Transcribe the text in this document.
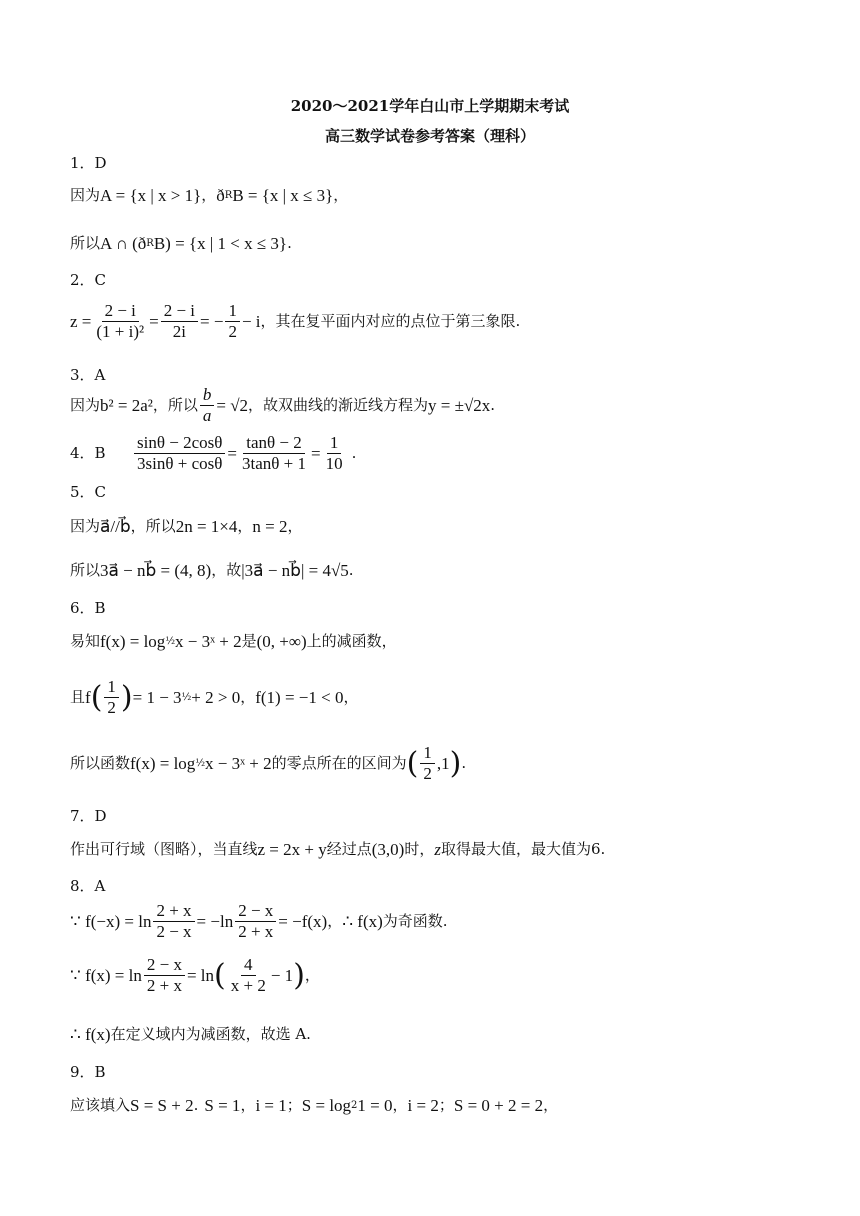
2020～2021学年白山市上学期期末考试
高三数学试卷参考答案（理科）
1．D
因为 A = {x | x > 1} ， ð R B = {x | x ≤ 3} ，
所以 A ∩ (ð R B) = {x | 1 < x ≤ 3} .
2．C
$z = \frac{2 - i}{\text{(1 + i)²}} = \frac{2 - i}{2i}$ = − $\frac{1}{2} - i$ ，其在复平面内对应的点位于第三象限.
3．A
因为 b² = 2a² ，所以 $\frac{b}{a} = √2$ ，故双曲线的渐近线方程为 y = ±√2x .
4．B	$\frac{\sin\theta - 2\cos\theta}{3\sin\theta + \cos\theta} = \frac{\tan\theta - 2}{3\tan\theta + 1} = \frac{1}{10}$ .
5．C
因为 a⃗//b⃗ ，所以 2n = 1×4 ， n = 2 ，
所以 3a⃗ − nb⃗ = (4, 8) ，故 |3a⃗ − nb⃗| = 4√5 .
6．B
易知 f(x) = log ½ x − 3ˣ + 2 是 (0, +∞) 上的减函数，
且 f ( $\frac{1}{2}$ ) = 1 − 3 ½ + 2 > 0 ， f(1) = −1 < 0 ，
所以函数 f(x) = log ½ x − 3ˣ + 2 的零点所在的区间为 ( $\frac{1}{2} ,1$ ) .
7．D
作出可行域（图略），当直线 z = 2x + y 经过点 (3,0) 时， z 取得最大值，最大值为6.
8．A
∵ $f(-x) = \ln \frac{2 + x}{2 - x} = -\ln \frac{2 - x}{2 + x} = -f(x)$ ， ∴ f(x) 为奇函数.
∵ $f(x) = \ln \frac{2 - x}{2 + x} = \ln$ ( $\frac{4}{x + 2} - 1$ ) ，
∴ f(x) 在定义域内为减函数，故选 A.
9．B
应该填入 S = S + 2 . S = 1 ， i = 1 ； S = log 2 1 = 0 ， i = 2 ； S = 0 + 2 = 2 ，
